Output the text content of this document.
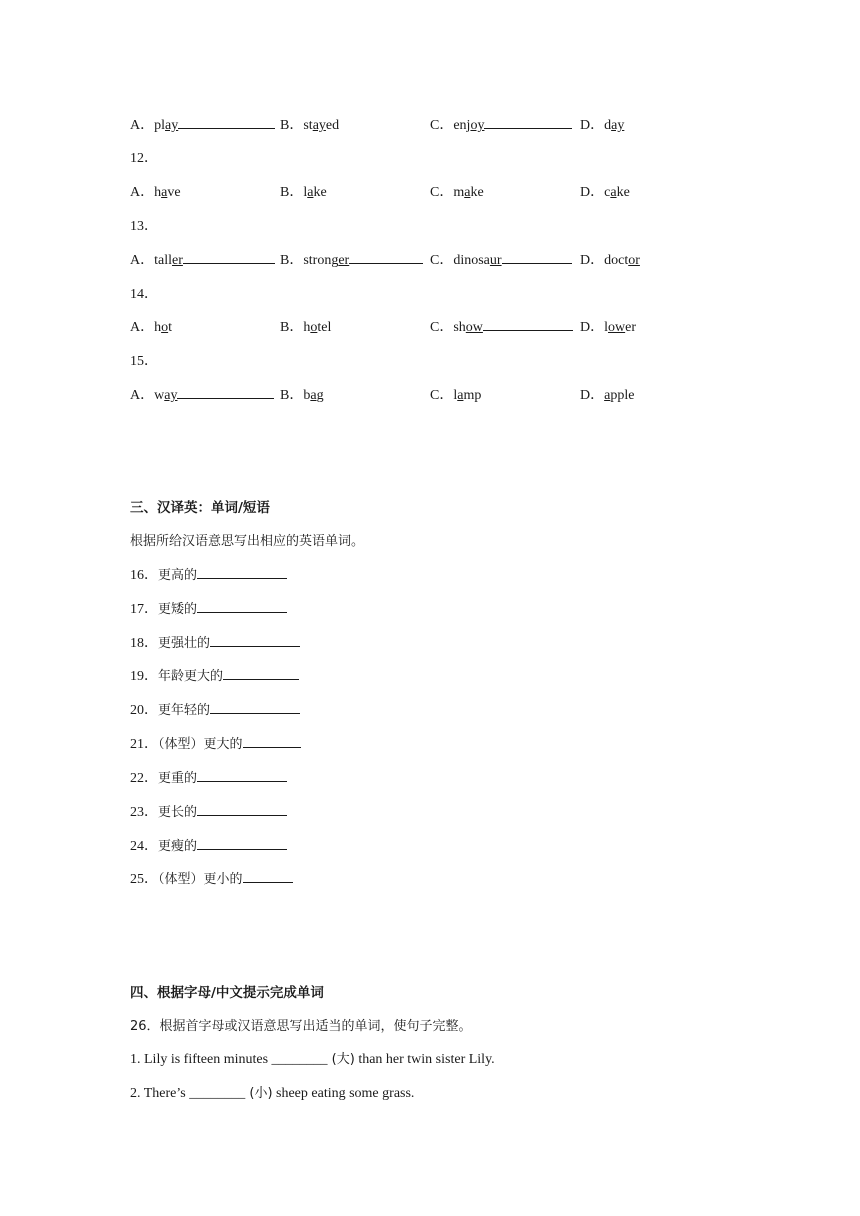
A．play	B．stayed	C．enjoy	D．day
12．
A．have	B．lake	C．make	D．cake
13．
A．taller	B．stronger	C．dinosaur	D．doctor
14．
A．hot	B．hotel	C．show	D．lower
15．
A．way	B．bag	C．lamp	D．apple
三、汉译英：单词/短语
根据所给汉语意思写出相应的英语单词。
16．更高的
17．更矮的
18．更强壮的
19．年龄更大的
20．更年轻的
21．（体型）更大的
22．更重的
23．更长的
24．更瘦的
25．（体型）更小的
四、根据字母/中文提示完成单词
26．根据首字母或汉语意思写出适当的单词，使句子完整。
1. Lily is fifteen minutes ________ (大) than her twin sister Lily.
2. There’s ________ (小) sheep eating some grass.
